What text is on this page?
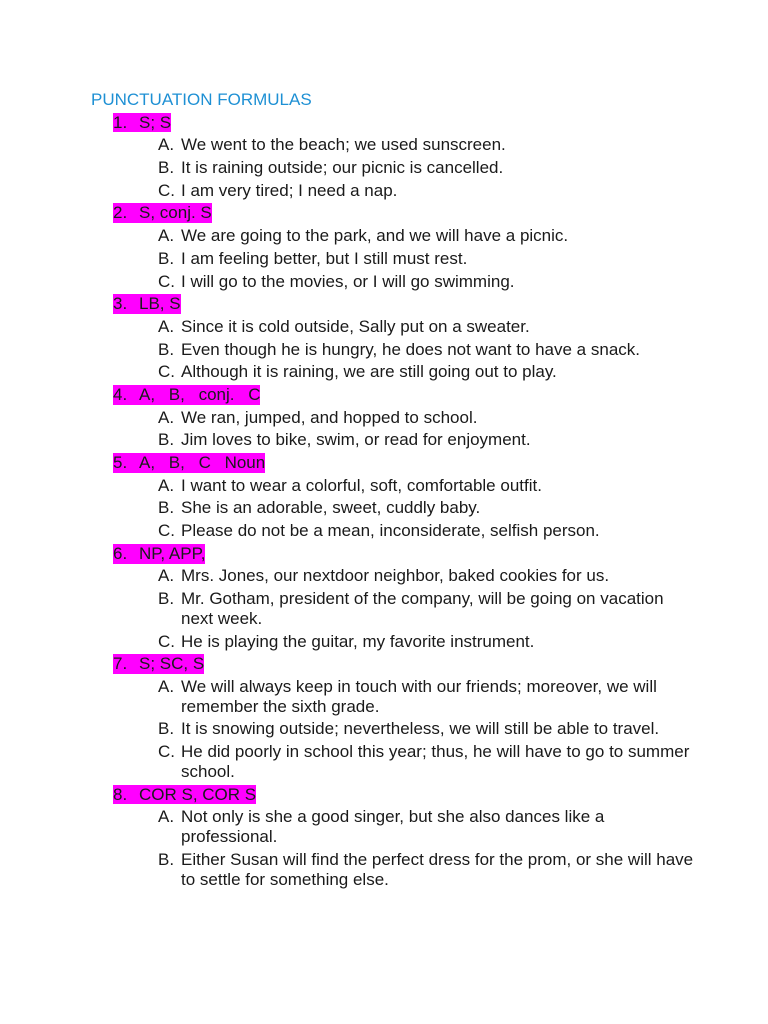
PUNCTUATION FORMULAS
1. S; S
A. We went to the beach; we used sunscreen.
B. It is raining outside; our picnic is cancelled.
C. I am very tired; I need a nap.
2. S, conj. S
A. We are going to the park, and we will have a picnic.
B. I am feeling better, but I still must rest.
C. I will go to the movies, or I will go swimming.
3. LB, S
A. Since it is cold outside, Sally put on a sweater.
B. Even though he is hungry, he does not want to have a snack.
C. Although it is raining, we are still going out to play.
4. A, B, conj. C
A. We ran, jumped, and hopped to school.
B. Jim loves to bike, swim, or read for enjoyment.
5. A, B, C Noun
A. I want to wear a colorful, soft, comfortable outfit.
B. She is an adorable, sweet, cuddly baby.
C. Please do not be a mean, inconsiderate, selfish person.
6. NP, APP,
A. Mrs. Jones, our nextdoor neighbor, baked cookies for us.
B. Mr. Gotham, president of the company, will be going on vacation
next week.
C. He is playing the guitar, my favorite instrument.
7. S; SC, S
A. We will always keep in touch with our friends; moreover, we will
remember the sixth grade.
B. It is snowing outside; nevertheless, we will still be able to travel.
C. He did poorly in school this year; thus, he will have to go to summer
school.
8. COR S, COR S
A. Not only is she a good singer, but she also dances like a
professional.
B. Either Susan will find the perfect dress for the prom, or she will have
to settle for something else.
